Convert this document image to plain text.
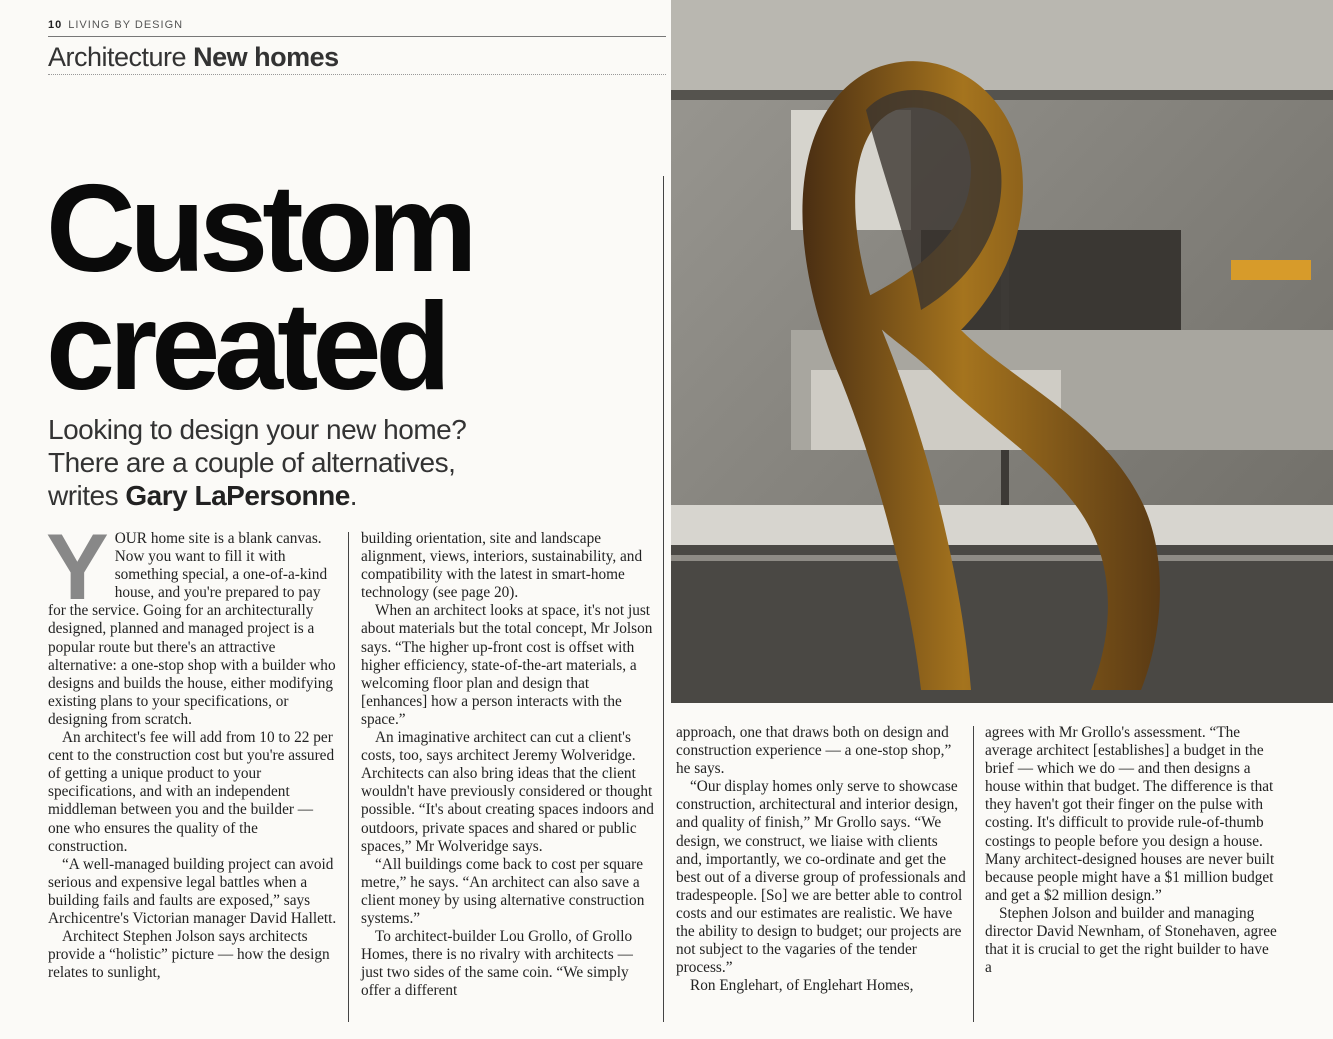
10 LIVING BY DESIGN
Architecture New homes
Custom
created
Looking to design your new home?
There are a couple of alternatives,
writes Gary LaPersonne.

YOUR home site is a blank canvas. Now you want to fill it with something special, a one-of-a-kind house, and you're prepared to pay for the service. Going for an architecturally designed, planned and managed project is a popular route but there's an attractive alternative: a one-stop shop with a builder who designs and builds the house, either modifying existing plans to your specifications, or designing from scratch.

An architect's fee will add from 10 to 22 per cent to the construction cost but you're assured of getting a unique product to your specifications, and with an independent middleman between you and the builder — one who ensures the quality of the construction.

“A well-managed building project can avoid serious and expensive legal battles when a building fails and faults are exposed,” says Archicentre's Victorian manager David Hallett.

Architect Stephen Jolson says architects provide a “holistic” picture — how the design relates to sunlight,

building orientation, site and landscape alignment, views, interiors, sustainability, and compatibility with the latest in smart-home technology (see page 20).

When an architect looks at space, it's not just about materials but the total concept, Mr Jolson says. “The higher up-front cost is offset with higher efficiency, state-of-the-art materials, a welcoming floor plan and design that [enhances] how a person interacts with the space.”

An imaginative architect can cut a client's costs, too, says architect Jeremy Wolveridge. Architects can also bring ideas that the client wouldn't have previously considered or thought possible. “It's about creating spaces indoors and outdoors, private spaces and shared or public spaces,” Mr Wolveridge says.

“All buildings come back to cost per square metre,” he says. “An architect can also save a client money by using alternative construction systems.”

To architect-builder Lou Grollo, of Grollo Homes, there is no rivalry with architects — just two sides of the same coin. “We simply offer a different

approach, one that draws both on design and construction experience — a one-stop shop,” he says.

“Our display homes only serve to showcase construction, architectural and interior design, and quality of finish,” Mr Grollo says. “We design, we construct, we liaise with clients and, importantly, we co-ordinate and get the best out of a diverse group of professionals and tradespeople. [So] we are better able to control costs and our estimates are realistic. We have the ability to design to budget; our projects are not subject to the vagaries of the tender process.”

Ron Englehart, of Englehart Homes,

agrees with Mr Grollo's assessment. “The average architect [establishes] a budget in the brief — which we do — and then designs a house within that budget. The difference is that they haven't got their finger on the pulse with costing. It's difficult to provide rule-of-thumb costings to people before you design a house. Many architect-designed houses are never built because people might have a $1 million budget and get a $2 million design.”

Stephen Jolson and builder and managing director David Newnham, of Stonehaven, agree that it is crucial to get the right builder to have a
